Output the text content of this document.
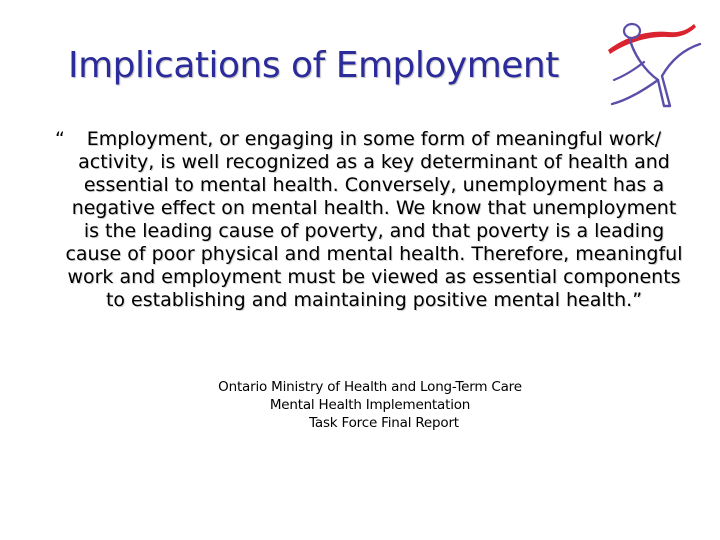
Implications of Employment
“	Employment, or engaging in some form of meaningful work/ activity, is well recognized as a key determinant of health and essential to mental health. Conversely, unemployment has a negative effect on mental health. We know that unemployment is the leading cause of poverty, and that poverty is a leading cause of poor physical and mental health. Therefore, meaningful work and employment must be viewed as essential components to establishing and maintaining positive mental health.”

Ontario Ministry of Health and Long-Term Care
Mental Health Implementation
Task Force Final Report
